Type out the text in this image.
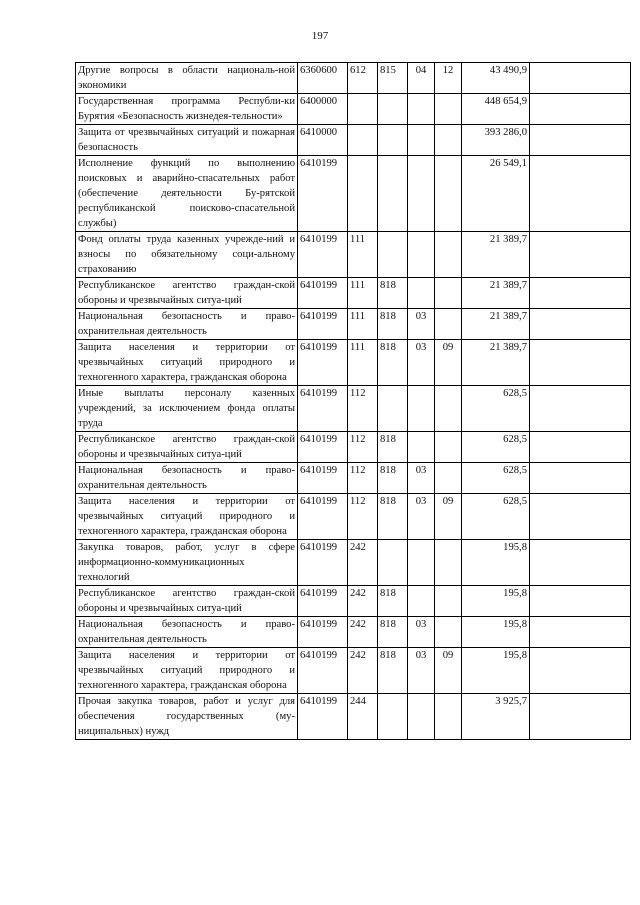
197
Другие вопросы в области националь-ной экономики	6360600	612	815	04	12	43 490,9	
Государственная программа Республи-ки Бурятия «Безопасность жизнедея-тельности»	6400000					448 654,9	
Защита от чрезвычайных ситуаций и пожарная безопасность	6410000					393 286,0	
Исполнение функций по выполнению поисковых и аварийно-спасательных работ (обеспечение деятельности Бу-рятской республиканской поисково-спасательной службы)	6410199					26 549,1	
Фонд оплаты труда казенных учрежде-ний и взносы по обязательному соци-альному страхованию	6410199	111				21 389,7	
Республиканское агентство граждан-ской обороны и чрезвычайных ситуа-ций	6410199	111	818			21 389,7	
Национальная безопасность и право-охранительная деятельность	6410199	111	818	03		21 389,7	
Защита населения и территории от чрезвычайных ситуаций природного и техногенного характера, гражданская оборона	6410199	111	818	03	09	21 389,7	
Иные выплаты персоналу казенных учреждений, за исключением фонда оплаты труда	6410199	112				628,5	
Республиканское агентство граждан-ской обороны и чрезвычайных ситуа-ций	6410199	112	818			628,5	
Национальная безопасность и право-охранительная деятельность	6410199	112	818	03		628,5	
Защита населения и территории от чрезвычайных ситуаций природного и техногенного характера, гражданская оборона	6410199	112	818	03	09	628,5	
Закупка товаров, работ, услуг в сфере информационно-коммуникационных технологий	6410199	242				195,8	
Республиканское агентство граждан-ской обороны и чрезвычайных ситуа-ций	6410199	242	818			195,8	
Национальная безопасность и право-охранительная деятельность	6410199	242	818	03		195,8	
Защита населения и территории от чрезвычайных ситуаций природного и техногенного характера, гражданская оборона	6410199	242	818	03	09	195,8	
Прочая закупка товаров, работ и услуг для обеспечения государственных (му-ниципальных) нужд	6410199	244				3 925,7	
